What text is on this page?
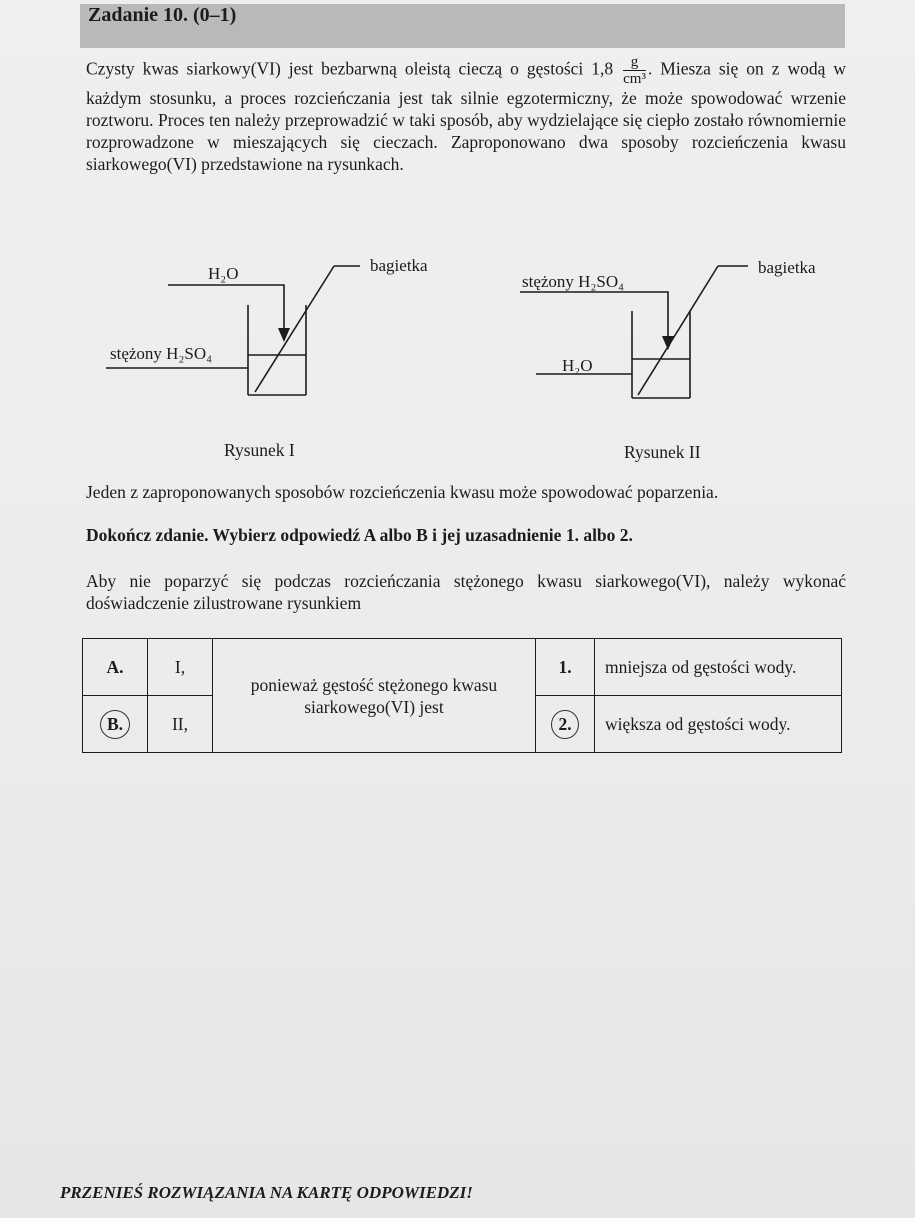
Zadanie 10. (0–1)
Czysty kwas siarkowy(VI) jest bezbarwną oleistą cieczą o gęstości $1,8 \frac{g}{\text{cm³}}$ . Miesza się on z wodą w każdym stosunku, a proces rozcieńczania jest tak silnie egzotermiczny, że może spowodować wrzenie roztworu. Proces ten należy przeprowadzić w taki sposób, aby wydzielające się ciepło zostało równomiernie rozprowadzone w mieszających się cieczach. Zaproponowano dwa sposoby rozcieńczenia kwasu siarkowego(VI) przedstawione na rysunkach.
H₂O
stężony H₂SO₄
bagietka
Rysunek I
stężony H₂SO₄
H₂O
bagietka
Rysunek II
Jeden z zaproponowanych sposobów rozcieńczenia kwasu może spowodować poparzenia.
Dokończ zdanie. Wybierz odpowiedź A albo B i jej uzasadnienie 1. albo 2.
Aby nie poparzyć się podczas rozcieńczania stężonego kwasu siarkowego(VI), należy wykonać doświadczenie zilustrowane rysunkiem
A.	I,	ponieważ gęstość stężonego kwasu siarkowego(VI) jest	1.	mniejsza od gęstości wody.
B.	II,		2.	większa od gęstości wody.
PRZENIEŚ ROZWIĄZANIA NA KARTĘ ODPOWIEDZI!
